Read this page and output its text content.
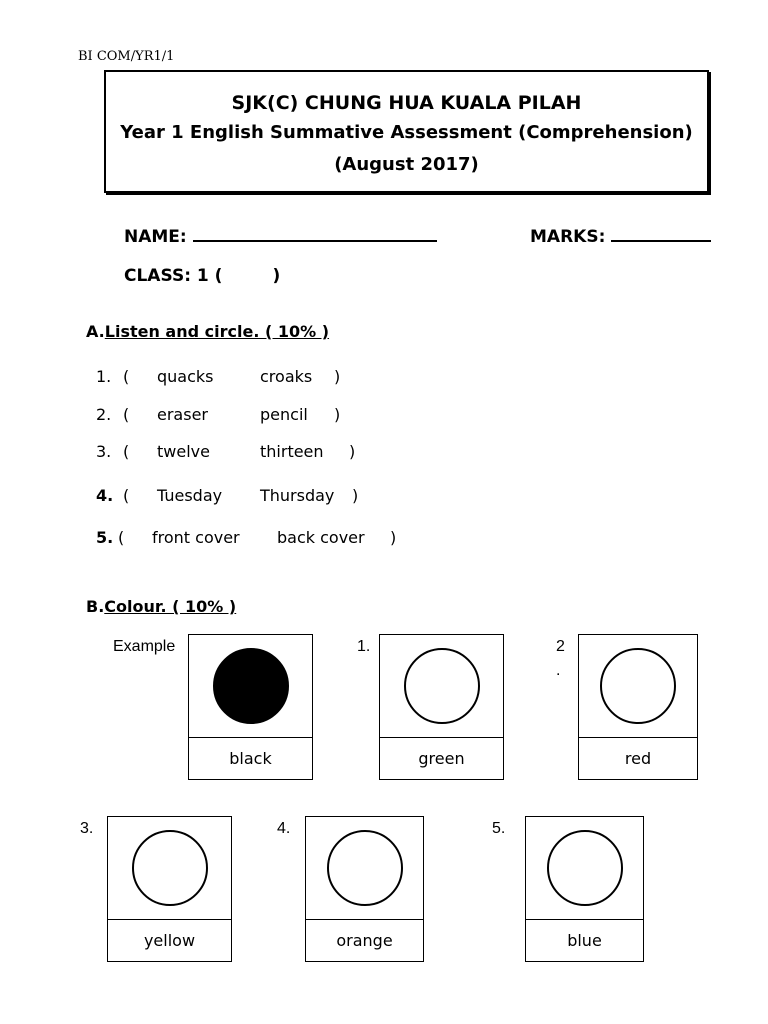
BI COM/YR1/1
SJK(C) CHUNG HUA KUALA PILAH
Year 1 English Summative Assessment (Comprehension)
(August 2017)
NAME:	MARKS:
CLASS: 1 (	)
A.Listen and circle. ( 10% )
1. ( quacks	croaks )
2. ( eraser	pencil )
3. ( twelve	thirteen )
4. ( Tuesday Thursday )
5. ( front cover back cover )
B.Colour. ( 10% )
Example
black
1.
green
2
.
red
3.
yellow
4.
orange
5.
blue
